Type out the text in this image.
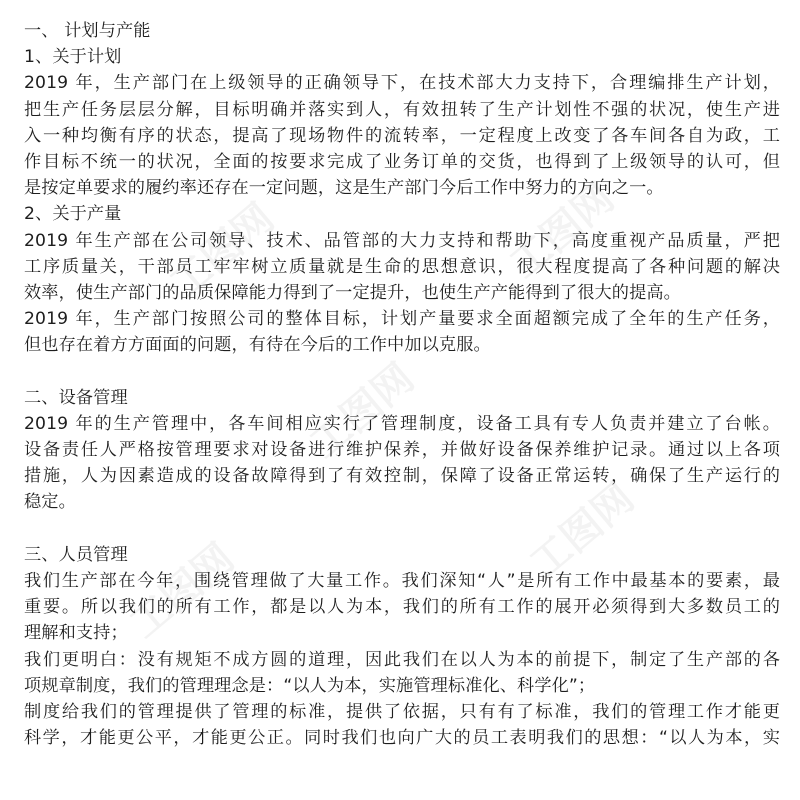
工图网	工图网
工图网
工图网
工图网
一、 计划与产能
1、关于计划
2019 年，生产部门在上级领导的正确领导下，在技术部大力支持下，合理编排生产计划，
把生产任务层层分解，目标明确并落实到人，有效扭转了生产计划性不强的状况，使生产进
入一种均衡有序的状态，提高了现场物件的流转率，一定程度上改变了各车间各自为政，工
作目标不统一的状况，全面的按要求完成了业务订单的交货，也得到了上级领导的认可，但
是按定单要求的履约率还存在一定问题，这是生产部门今后工作中努力的方向之一。
2、关于产量
2019 年生产部在公司领导、技术、品管部的大力支持和帮助下，高度重视产品质量，严把
工序质量关，干部员工牢牢树立质量就是生命的思想意识，很大程度提高了各种问题的解决
效率，使生产部门的品质保障能力得到了一定提升，也使生产产能得到了很大的提高。
2019 年，生产部门按照公司的整体目标，计划产量要求全面超额完成了全年的生产任务，
但也存在着方方面面的问题，有待在今后的工作中加以克服。
二、设备管理
2019 年的生产管理中，各车间相应实行了管理制度，设备工具有专人负责并建立了台帐。
设备责任人严格按管理要求对设备进行维护保养，并做好设备保养维护记录。通过以上各项
措施，人为因素造成的设备故障得到了有效控制，保障了设备正常运转，确保了生产运行的
稳定。
三、人员管理
我们生产部在今年，围绕管理做了大量工作。我们深知“人”是所有工作中最基本的要素，最
重要。所以我们的所有工作，都是以人为本，我们的所有工作的展开必须得到大多数员工的
理解和支持；
我们更明白：没有规矩不成方圆的道理，因此我们在以人为本的前提下，制定了生产部的各
项规章制度，我们的管理理念是：“以人为本，实施管理标准化、科学化”；
制度给我们的管理提供了管理的标准，提供了依据，只有有了标准，我们的管理工作才能更
科学，才能更公平，才能更公正。同时我们也向广大的员工表明我们的思想：“以人为本，实
